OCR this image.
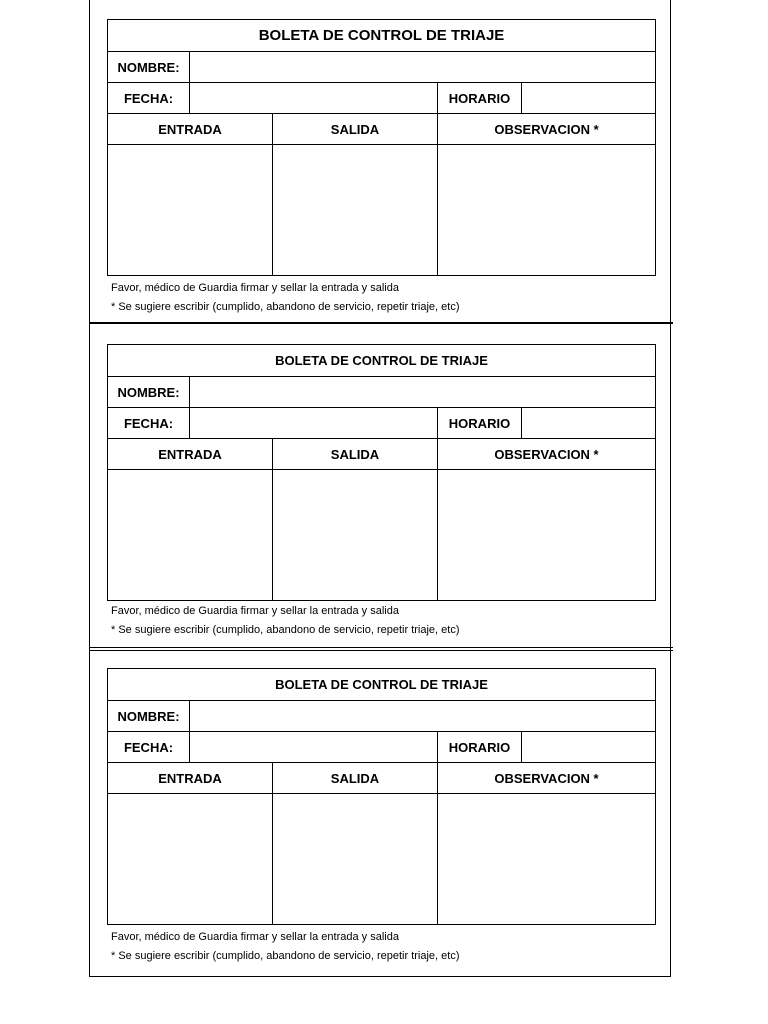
BOLETA DE CONTROL DE TRIAJE				
NOMBRE:				
FECHA:			HORARIO	
ENTRADA		SALIDA	OBSERVACION *	

Favor, médico de Guardia firmar y sellar la entrada y salida
* Se sugiere escribir (cumplido, abandono de servicio, repetir triaje, etc)
BOLETA DE CONTROL DE TRIAJE				
NOMBRE:				
FECHA:			HORARIO	
ENTRADA		SALIDA	OBSERVACION *	

Favor, médico de Guardia firmar y sellar la entrada y salida
* Se sugiere escribir (cumplido, abandono de servicio, repetir triaje, etc)
BOLETA DE CONTROL DE TRIAJE				
NOMBRE:				
FECHA:			HORARIO	
ENTRADA		SALIDA	OBSERVACION *	

Favor, médico de Guardia firmar y sellar la entrada y salida
* Se sugiere escribir (cumplido, abandono de servicio, repetir triaje, etc)
